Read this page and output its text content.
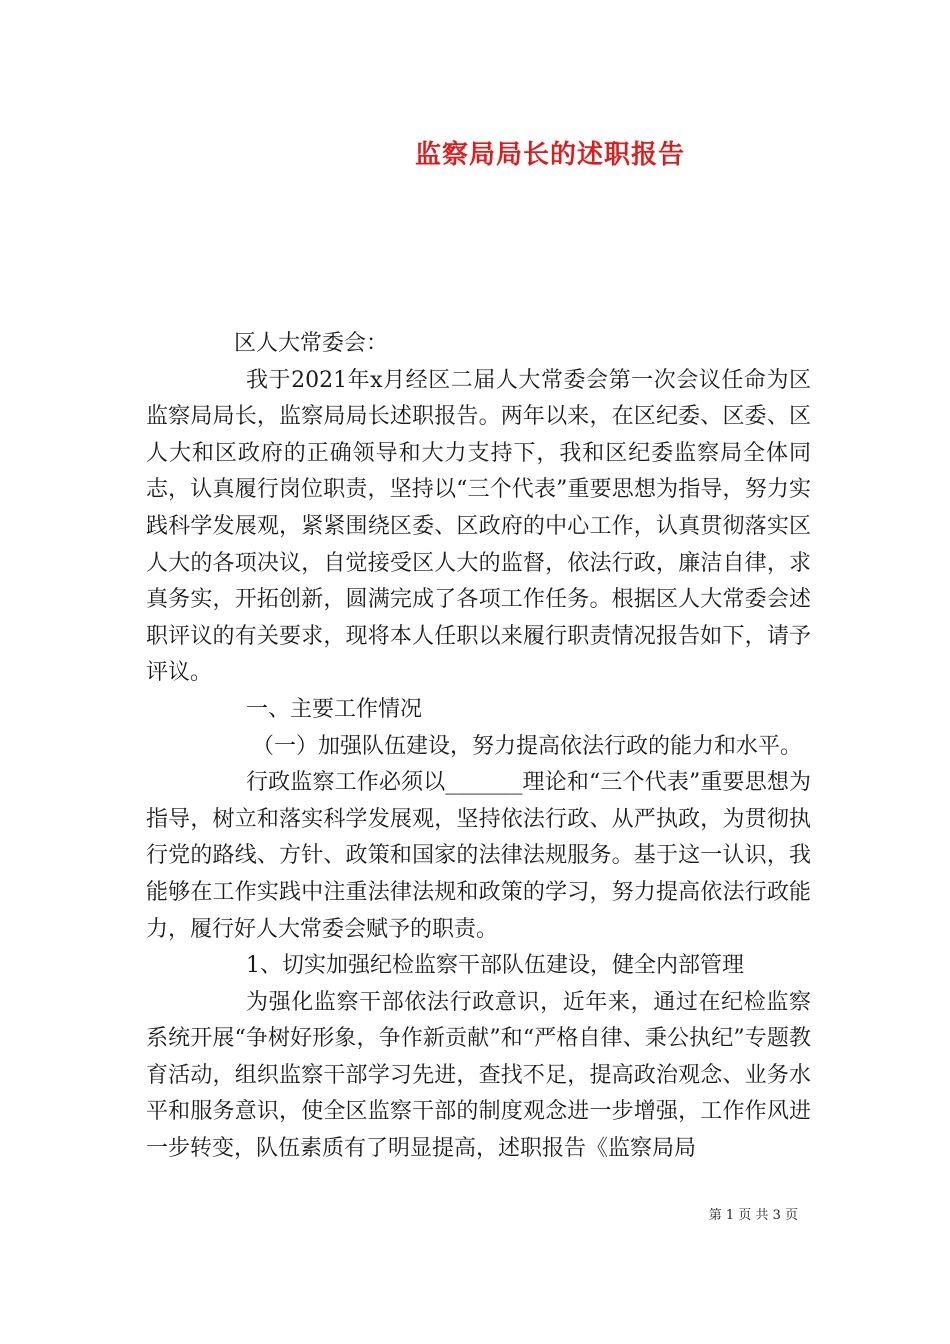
监察局局长的述职报告

区人大常委会：

我于2021年x月经区二届人大常委会第一次会议任命为区监察局局长，监察局局长述职报告。两年以来，在区纪委、区委、区人大和区政府的正确领导和大力支持下，我和区纪委监察局全体同志，认真履行岗位职责，坚持以“三个代表”重要思想为指导，努力实践科学发展观，紧紧围绕区委、区政府的中心工作，认真贯彻落实区人大的各项决议，自觉接受区人大的监督，依法行政，廉洁自律，求真务实，开拓创新，圆满完成了各项工作任务。根据区人大常委会述职评议的有关要求，现将本人任职以来履行职责情况报告如下，请予评议。

一、主要工作情况

（一）加强队伍建设，努力提高依法行政的能力和水平。

行政监察工作必须以_______理论和“三个代表”重要思想为指导，树立和落实科学发展观，坚持依法行政、从严执政，为贯彻执行党的路线、方针、政策和国家的法律法规服务。基于这一认识，我能够在工作实践中注重法律法规和政策的学习，努力提高依法行政能力，履行好人大常委会赋予的职责。

1、切实加强纪检监察干部队伍建设，健全内部管理

为强化监察干部依法行政意识，近年来，通过在纪检监察系统开展“争树好形象，争作新贡献”和“严格自律、秉公执纪”专题教育活动，组织监察干部学习先进，查找不足，提高政治观念、业务水平和服务意识，使全区监察干部的制度观念进一步增强，工作作风进一步转变，队伍素质有了明显提高，述职报告《监察局局

第 1 页 共 3 页
